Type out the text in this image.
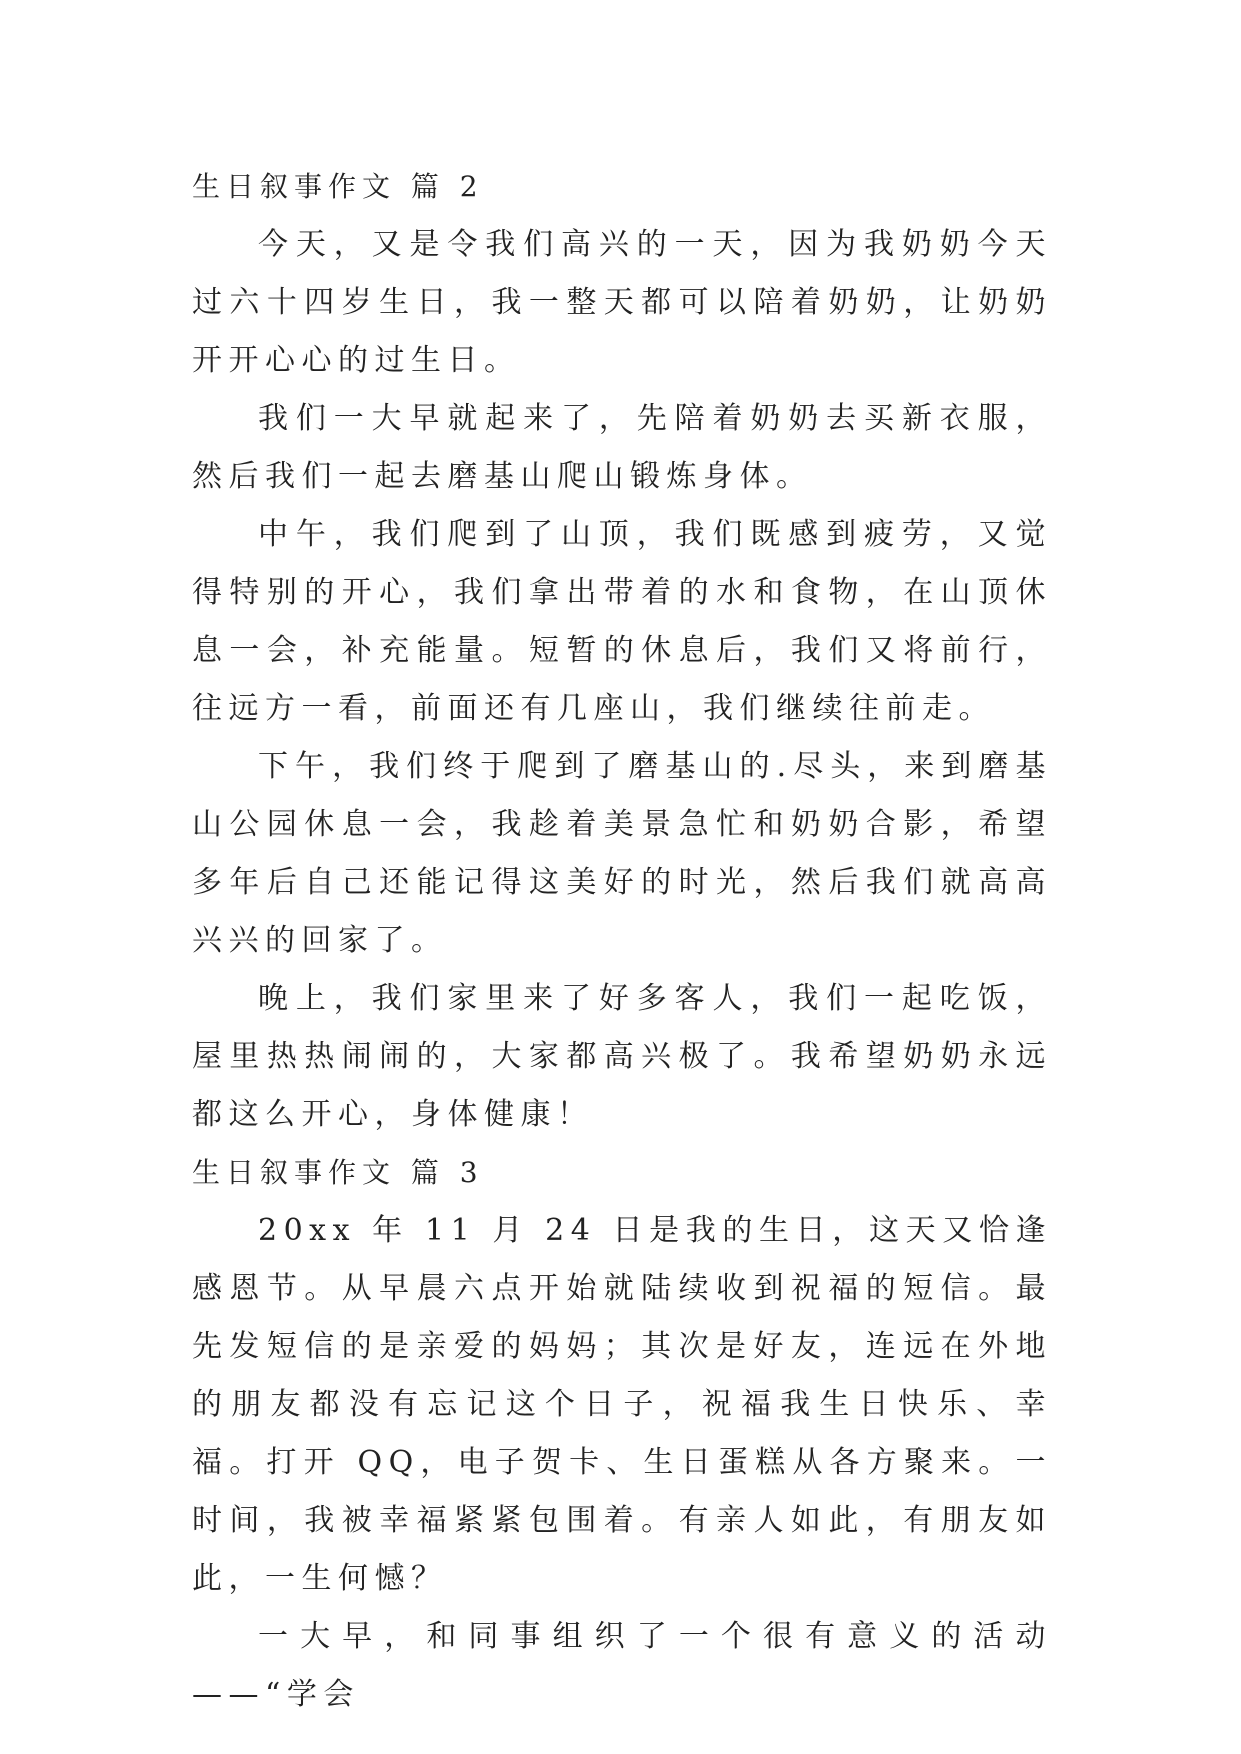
生日叙事作文 篇 2

今天，又是令我们高兴的一天，因为我奶奶今天过六十四岁生日，我一整天都可以陪着奶奶，让奶奶开开心心的过生日。

我们一大早就起来了，先陪着奶奶去买新衣服，然后我们一起去磨基山爬山锻炼身体。

中午，我们爬到了山顶，我们既感到疲劳，又觉得特别的开心，我们拿出带着的水和食物，在山顶休息一会，补充能量。短暂的休息后，我们又将前行，往远方一看，前面还有几座山，我们继续往前走。

下午，我们终于爬到了磨基山的.尽头，来到磨基山公园休息一会，我趁着美景急忙和奶奶合影，希望多年后自己还能记得这美好的时光，然后我们就高高兴兴的回家了。

晚上，我们家里来了好多客人，我们一起吃饭，屋里热热闹闹的，大家都高兴极了。我希望奶奶永远都这么开心，身体健康！

生日叙事作文 篇 3

20xx 年 11 月 24 日是我的生日，这天又恰逢感恩节。从早晨六点开始就陆续收到祝福的短信。最先发短信的是亲爱的妈妈；其次是好友，连远在外地的朋友都没有忘记这个日子，祝福我生日快乐、幸福。打开 QQ，电子贺卡、生日蛋糕从各方聚来。一时间，我被幸福紧紧包围着。有亲人如此，有朋友如此，一生何憾？

一大早，和同事组织了一个很有意义的活动——“学会
